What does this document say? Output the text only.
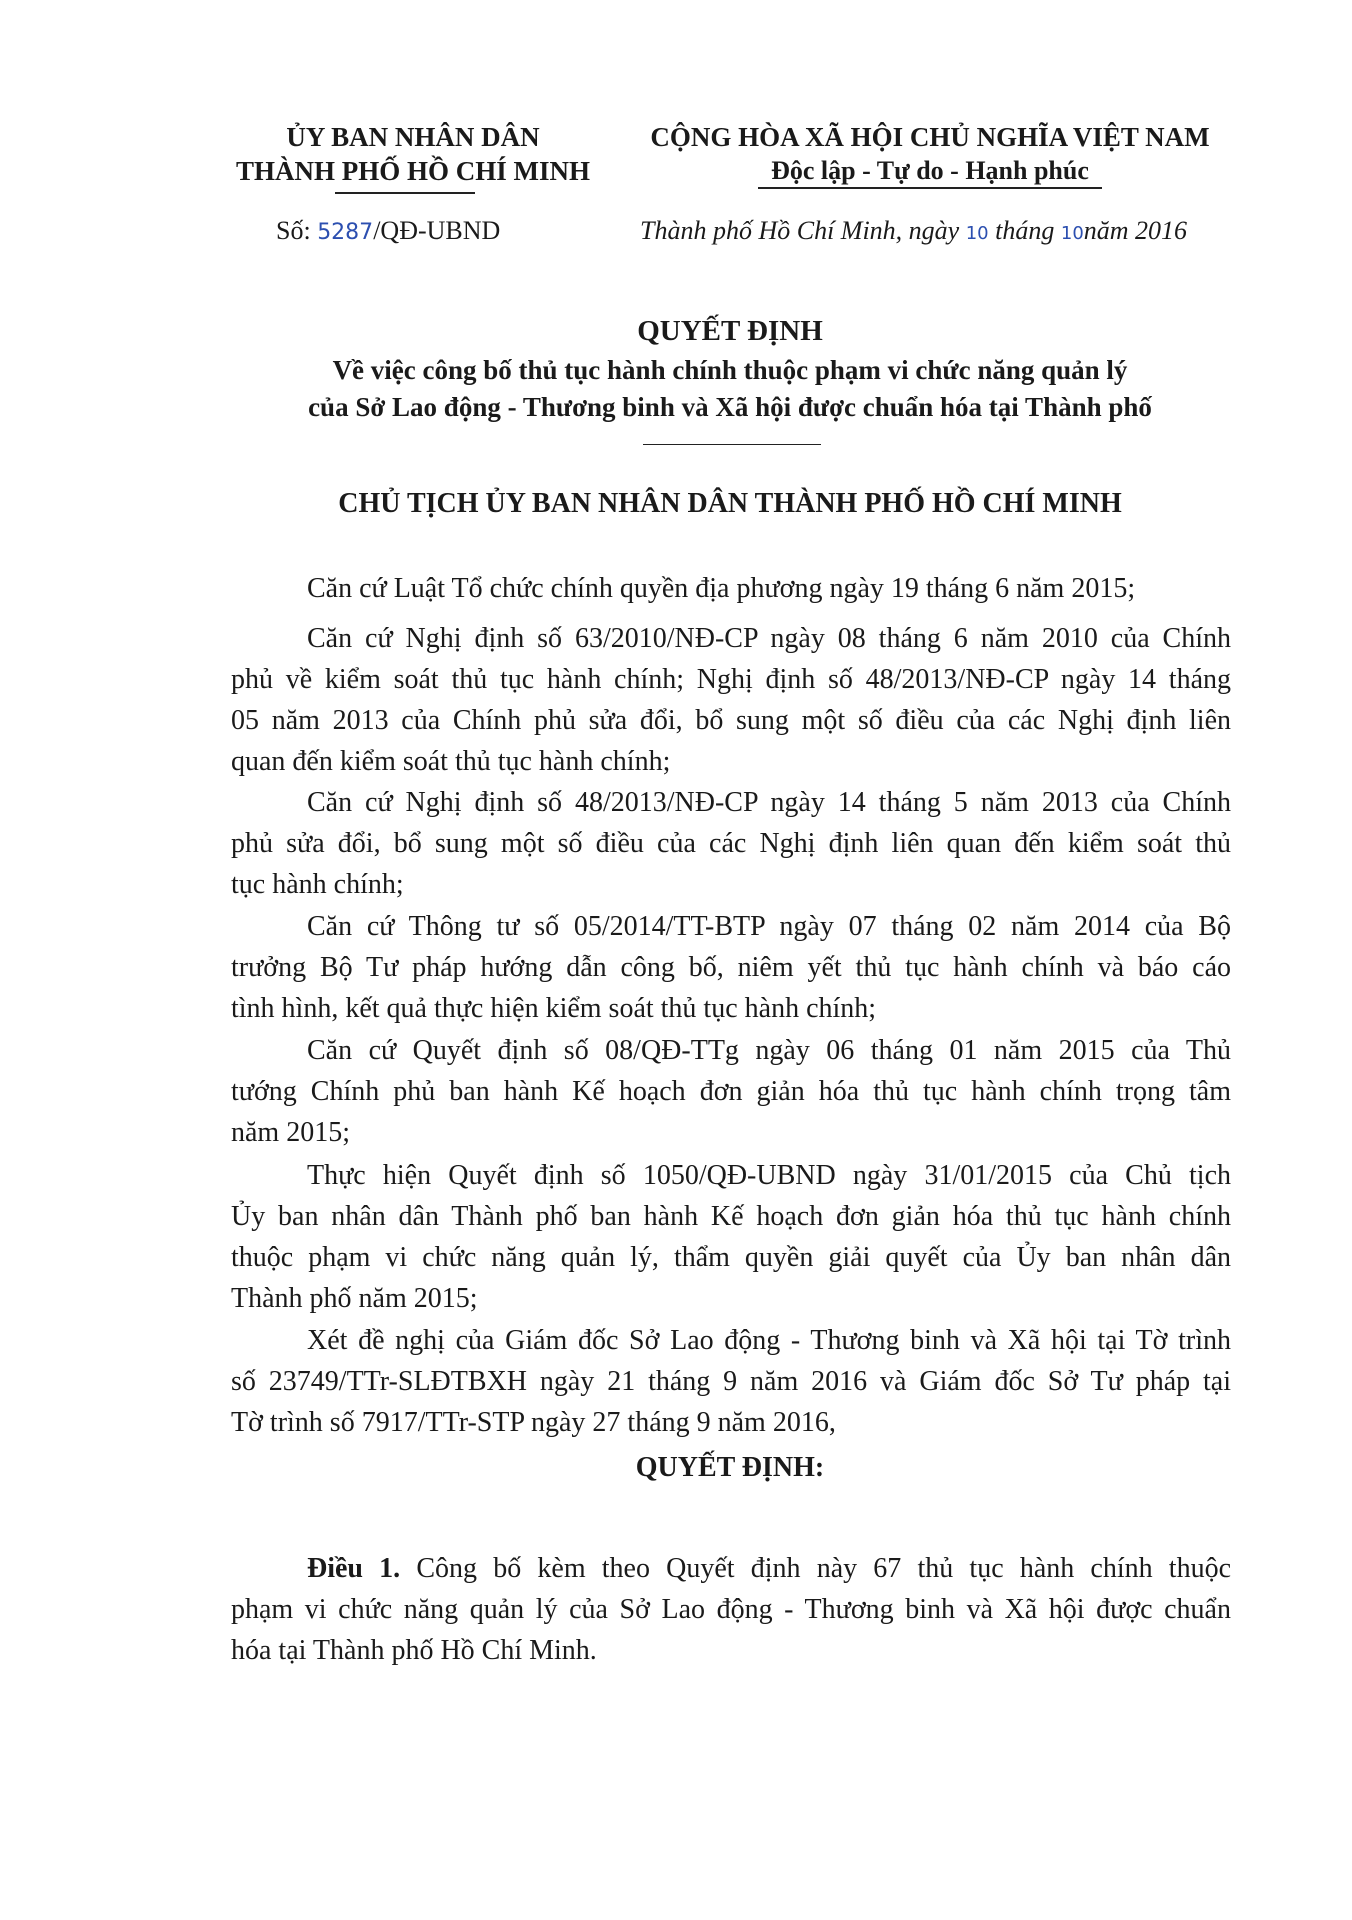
ỦY BAN NHÂN DÂN
THÀNH PHỐ HỒ CHÍ MINH
CỘNG HÒA XÃ HỘI CHỦ NGHĨA VIỆT NAM
Độc lập - Tự do - Hạnh phúc
Số: 5287/QĐ-UBND	Thành phố Hồ Chí Minh, ngày 10 tháng 10năm 2016
QUYẾT ĐỊNH
Về việc công bố thủ tục hành chính thuộc phạm vi chức năng quản lý
của Sở Lao động - Thương binh và Xã hội được chuẩn hóa tại Thành phố
CHỦ TỊCH ỦY BAN NHÂN DÂN THÀNH PHỐ HỒ CHÍ MINH
Căn cứ Luật Tổ chức chính quyền địa phương ngày 19 tháng 6 năm 2015;
Căn cứ Nghị định số 63/2010/NĐ-CP ngày 08 tháng 6 năm 2010 của Chính
phủ về kiểm soát thủ tục hành chính; Nghị định số 48/2013/NĐ-CP ngày 14 tháng
05 năm 2013 của Chính phủ sửa đổi, bổ sung một số điều của các Nghị định liên
quan đến kiểm soát thủ tục hành chính;
Căn cứ Nghị định số 48/2013/NĐ-CP ngày 14 tháng 5 năm 2013 của Chính
phủ sửa đổi, bổ sung một số điều của các Nghị định liên quan đến kiểm soát thủ
tục hành chính;
Căn cứ Thông tư số 05/2014/TT-BTP ngày 07 tháng 02 năm 2014 của Bộ
trưởng Bộ Tư pháp hướng dẫn công bố, niêm yết thủ tục hành chính và báo cáo
tình hình, kết quả thực hiện kiểm soát thủ tục hành chính;
Căn cứ Quyết định số 08/QĐ-TTg ngày 06 tháng 01 năm 2015 của Thủ
tướng Chính phủ ban hành Kế hoạch đơn giản hóa thủ tục hành chính trọng tâm
năm 2015;
Thực hiện Quyết định số 1050/QĐ-UBND ngày 31/01/2015 của Chủ tịch
Ủy ban nhân dân Thành phố ban hành Kế hoạch đơn giản hóa thủ tục hành chính
thuộc phạm vi chức năng quản lý, thẩm quyền giải quyết của Ủy ban nhân dân
Thành phố năm 2015;
Xét đề nghị của Giám đốc Sở Lao động - Thương binh và Xã hội tại Tờ trình
số 23749/TTr-SLĐTBXH ngày 21 tháng 9 năm 2016 và Giám đốc Sở Tư pháp tại
Tờ trình số 7917/TTr-STP ngày 27 tháng 9 năm 2016,
QUYẾT ĐỊNH:
Điều 1. Công bố kèm theo Quyết định này 67 thủ tục hành chính thuộc
phạm vi chức năng quản lý của Sở Lao động - Thương binh và Xã hội được chuẩn
hóa tại Thành phố Hồ Chí Minh.
